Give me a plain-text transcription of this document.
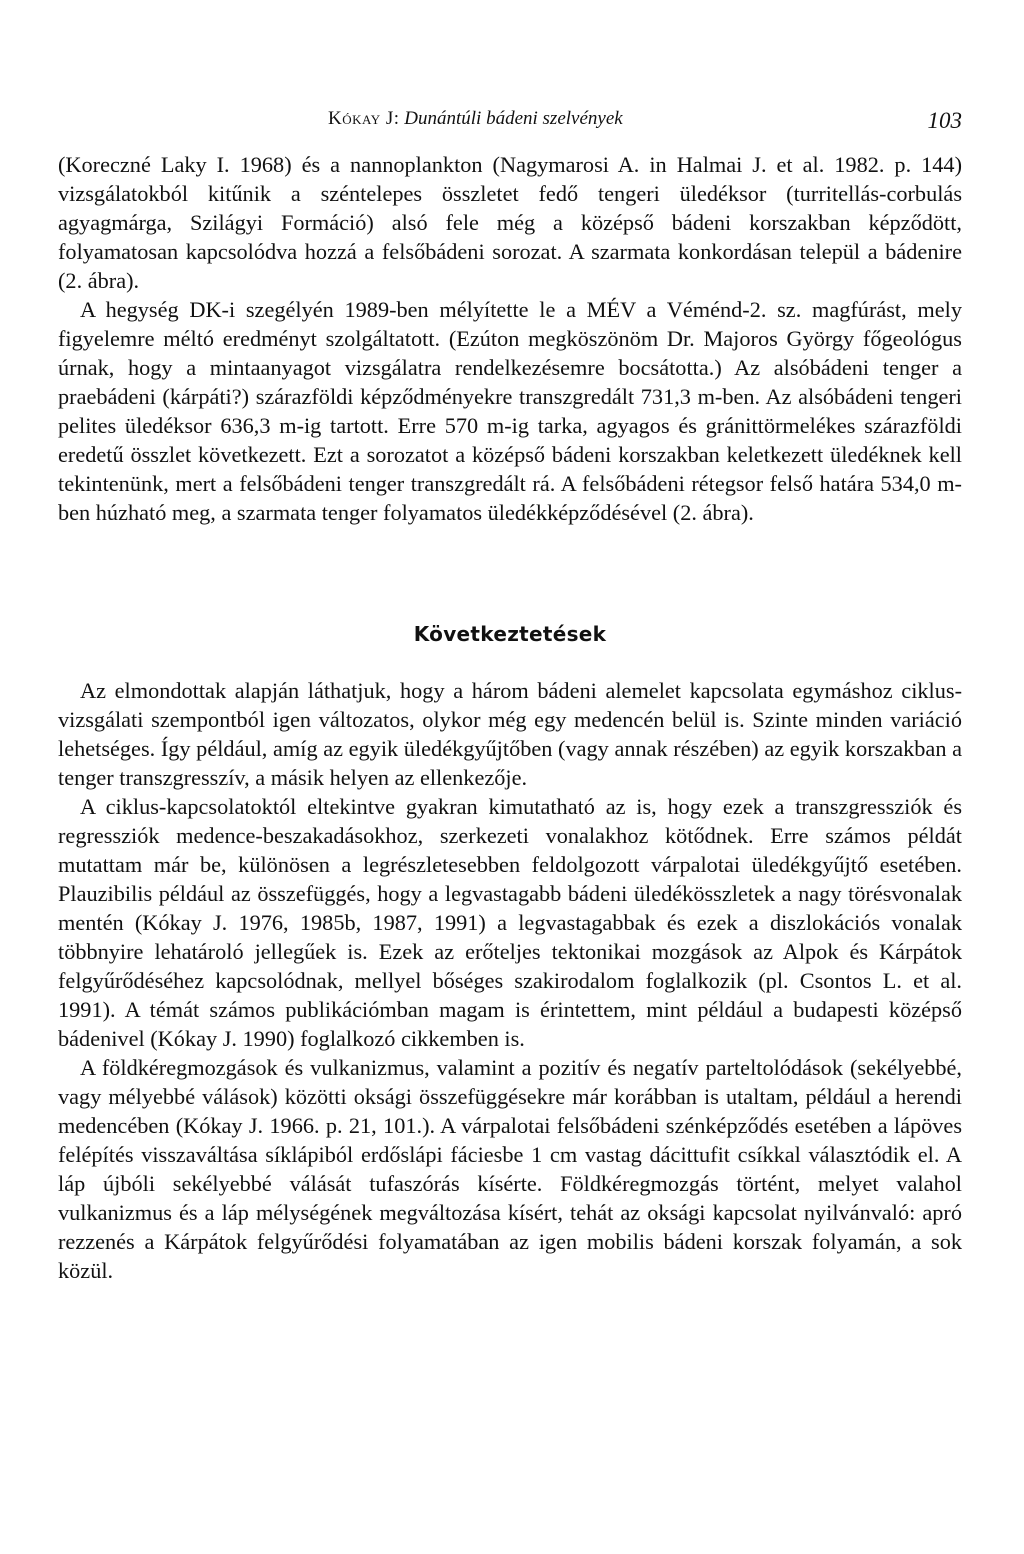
Kókay J: Dunántúli bádeni szelvények	103

(Koreczné Laky I. 1968) és a nannoplankton (Nagymarosi A. in Halmai J. et al. 1982. p. 144) vizsgálatokból kitűnik a széntelepes összletet fedő tengeri üledéksor (turritellás-corbulás agyagmárga, Szilágyi Formáció) alsó fele még a középső bádeni korszakban képződött, folyamatosan kapcsolódva hozzá a felsőbádeni sorozat. A szarmata konkordásan települ a bádenire (2. ábra).

A hegység DK-i szegélyén 1989-ben mélyítette le a MÉV a Véménd-2. sz. magfúrást, mely figyelemre méltó eredményt szolgáltatott. (Ezúton megköszönöm Dr. Majoros György főgeológus úrnak, hogy a mintaanyagot vizsgálatra rendelkezésemre bocsátotta.) Az alsóbádeni tenger a praebádeni (kárpáti?) szárazföldi képződményekre transzgredált 731,3 m-ben. Az alsóbádeni tengeri pelites üledéksor 636,3 m-ig tartott. Erre 570 m-ig tarka, agyagos és gránittörmelékes szárazföldi eredetű összlet következett. Ezt a sorozatot a középső bádeni korszakban keletkezett üledéknek kell tekintenünk, mert a felsőbádeni tenger transzgredált rá. A felsőbádeni rétegsor felső határa 534,0 m-ben húzható meg, a szarmata tenger folyamatos üledékképződésével (2. ábra).

Következtetések

Az elmondottak alapján láthatjuk, hogy a három bádeni alemelet kapcsolata egymáshoz ciklus-vizsgálati szempontból igen változatos, olykor még egy medencén belül is. Szinte minden variáció lehetséges. Így például, amíg az egyik üledékgyűjtőben (vagy annak részében) az egyik korszakban a tenger transzgresszív, a másik helyen az ellenkezője.

A ciklus-kapcsolatoktól eltekintve gyakran kimutatható az is, hogy ezek a transzgressziók és regressziók medence-beszakadásokhoz, szerkezeti vonalakhoz kötődnek. Erre számos példát mutattam már be, különösen a legrészletesebben feldolgozott várpalotai üledékgyűjtő esetében. Plauzibilis például az összefüggés, hogy a legvastagabb bádeni üledékösszletek a nagy törésvonalak mentén (Kókay J. 1976, 1985b, 1987, 1991) a legvastagabbak és ezek a diszlokációs vonalak többnyire lehatároló jellegűek is. Ezek az erőteljes tektonikai mozgások az Alpok és Kárpátok felgyűrődéséhez kapcsolódnak, mellyel bőséges szakirodalom foglalkozik (pl. Csontos L. et al. 1991). A témát számos publikációmban magam is érintettem, mint például a budapesti középső bádenivel (Kókay J. 1990) foglalkozó cikkemben is.

A földkéregmozgások és vulkanizmus, valamint a pozitív és negatív parteltolódások (sekélyebbé, vagy mélyebbé válások) közötti oksági összefüggésekre már korábban is utaltam, például a herendi medencében (Kókay J. 1966. p. 21, 101.). A várpalotai felsőbádeni szénképződés esetében a lápöves felépítés visszaváltása síklápiból erdőslápi fáciesbe 1 cm vastag dácittufit csíkkal választódik el. A láp újbóli sekélyebbé válását tufaszórás kísérte. Földkéregmozgás történt, melyet valahol vulkanizmus és a láp mélységének megváltozása kísért, tehát az oksági kapcsolat nyilvánvaló: apró rezzenés a Kárpátok felgyűrődési folyamatában az igen mobilis bádeni korszak folyamán, a sok közül.
